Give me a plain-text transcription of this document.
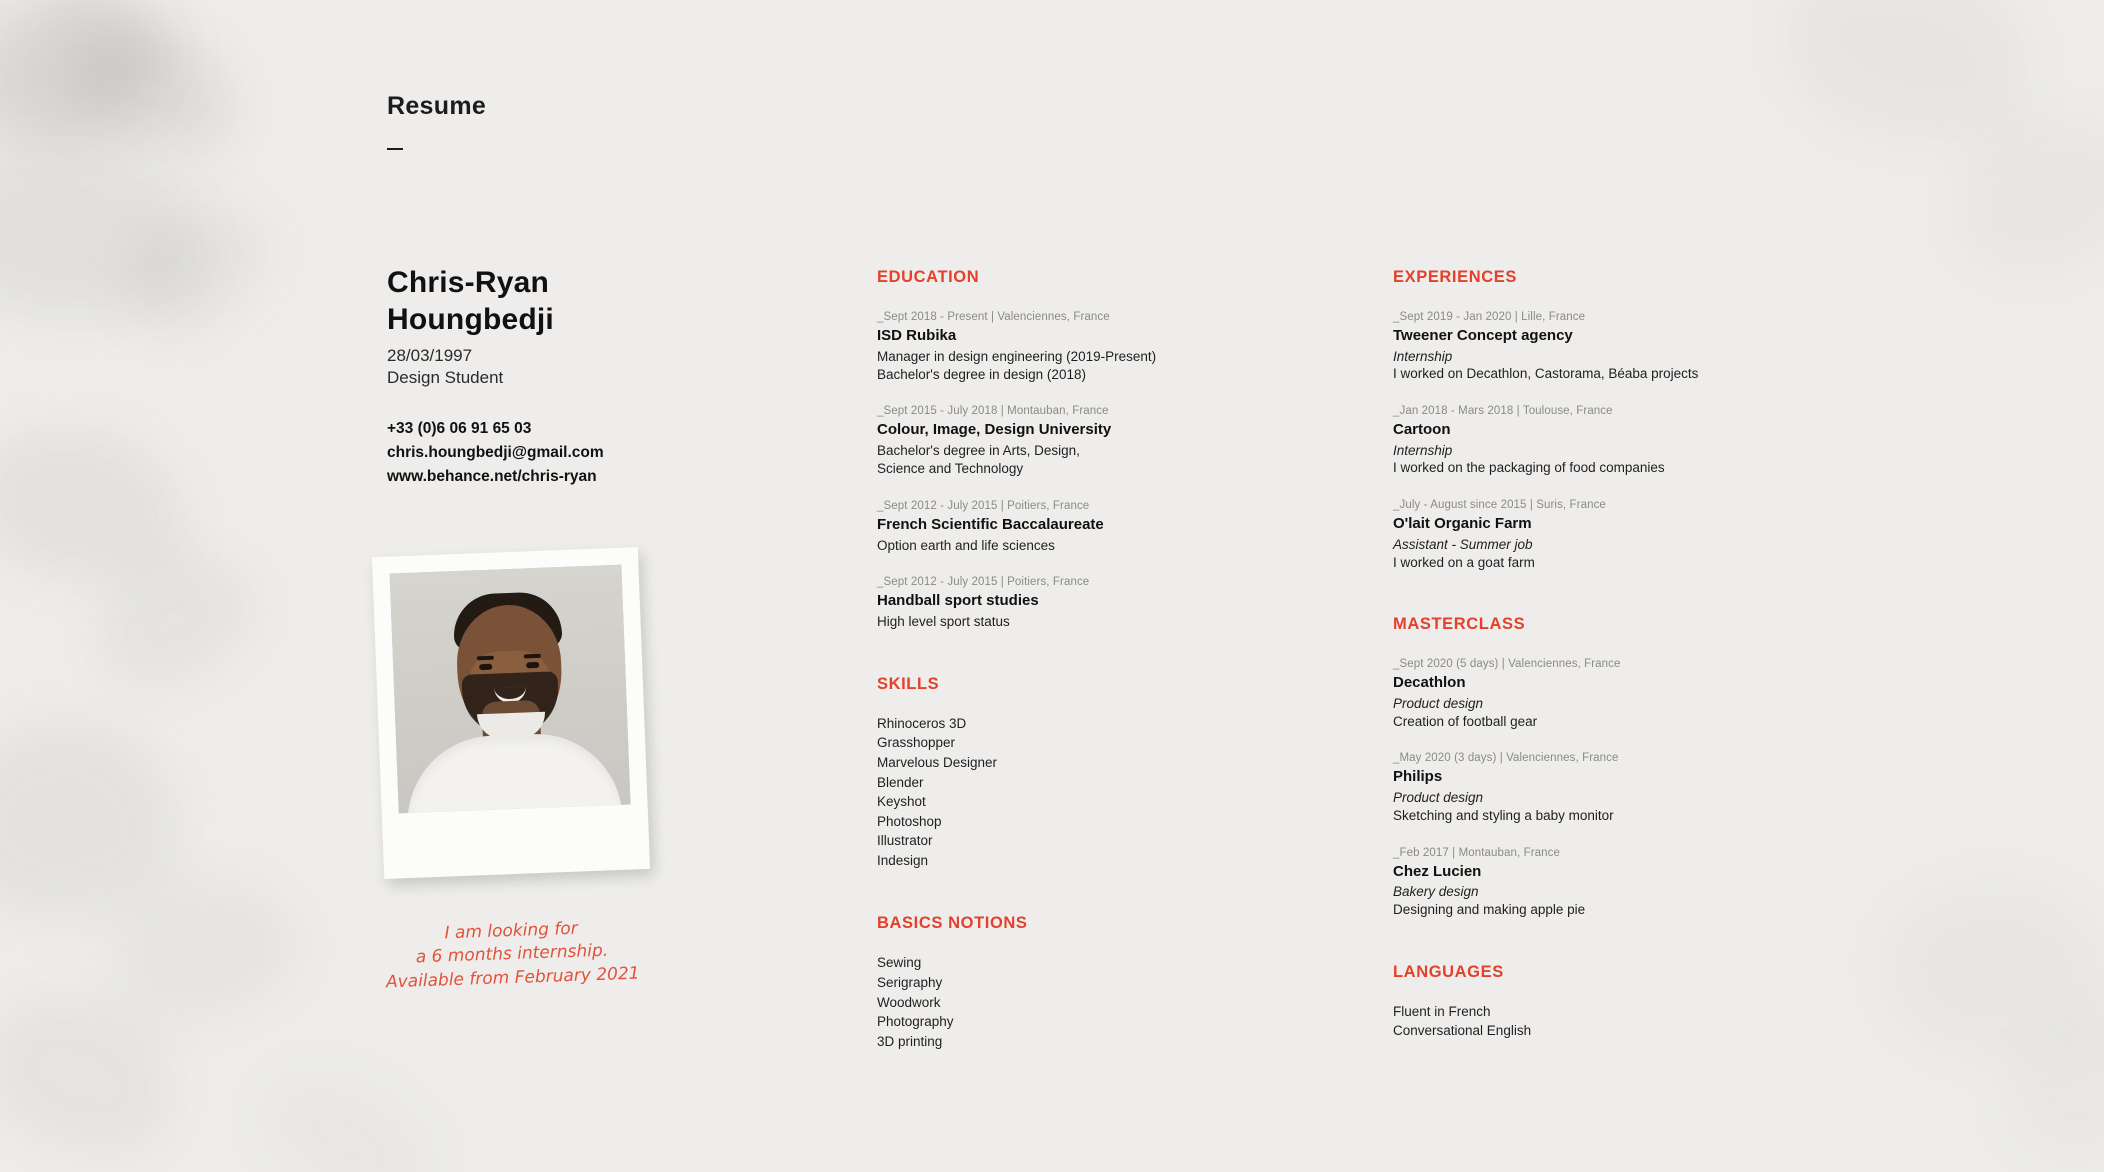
Resume
Chris-Ryan
Houngbedji
28/03/1997
Design Student
+33 (0)6 06 91 65 03
chris.houngbedji@gmail.com
www.behance.net/chris-ryan
I am looking for
a 6 months internship.
Available from February 2021
EDUCATION
_Sept 2018 - Present | Valenciennes, France
ISD Rubika
Manager in design engineering (2019-Present)
Bachelor's degree in design (2018)
_Sept 2015 - July 2018 | Montauban, France
Colour, Image, Design University
Bachelor's degree in Arts, Design,
Science and Technology
_Sept 2012 - July 2015 | Poitiers, France
French Scientific Baccalaureate
Option earth and life sciences
_Sept 2012 - July 2015 | Poitiers, France
Handball sport studies
High level sport status
SKILLS
Rhinoceros 3D
Grasshopper
Marvelous Designer
Blender
Keyshot
Photoshop
Illustrator
Indesign
BASICS NOTIONS
Sewing
Serigraphy
Woodwork
Photography
3D printing
EXPERIENCES
_Sept 2019 - Jan 2020 | Lille, France
Tweener Concept agency
Internship
I worked on Decathlon, Castorama, Béaba projects
_Jan 2018 - Mars 2018 | Toulouse, France
Cartoon
Internship
I worked on the packaging of food companies
_July - August since 2015 | Suris, France
O'lait Organic Farm
Assistant - Summer job
I worked on a goat farm
MASTERCLASS
_Sept 2020 (5 days) | Valenciennes, France
Decathlon
Product design
Creation of football gear
_May 2020 (3 days) | Valenciennes, France
Philips
Product design
Sketching and styling a baby monitor
_Feb 2017 | Montauban, France
Chez Lucien
Bakery design
Designing and making apple pie
LANGUAGES
Fluent in French
Conversational English
